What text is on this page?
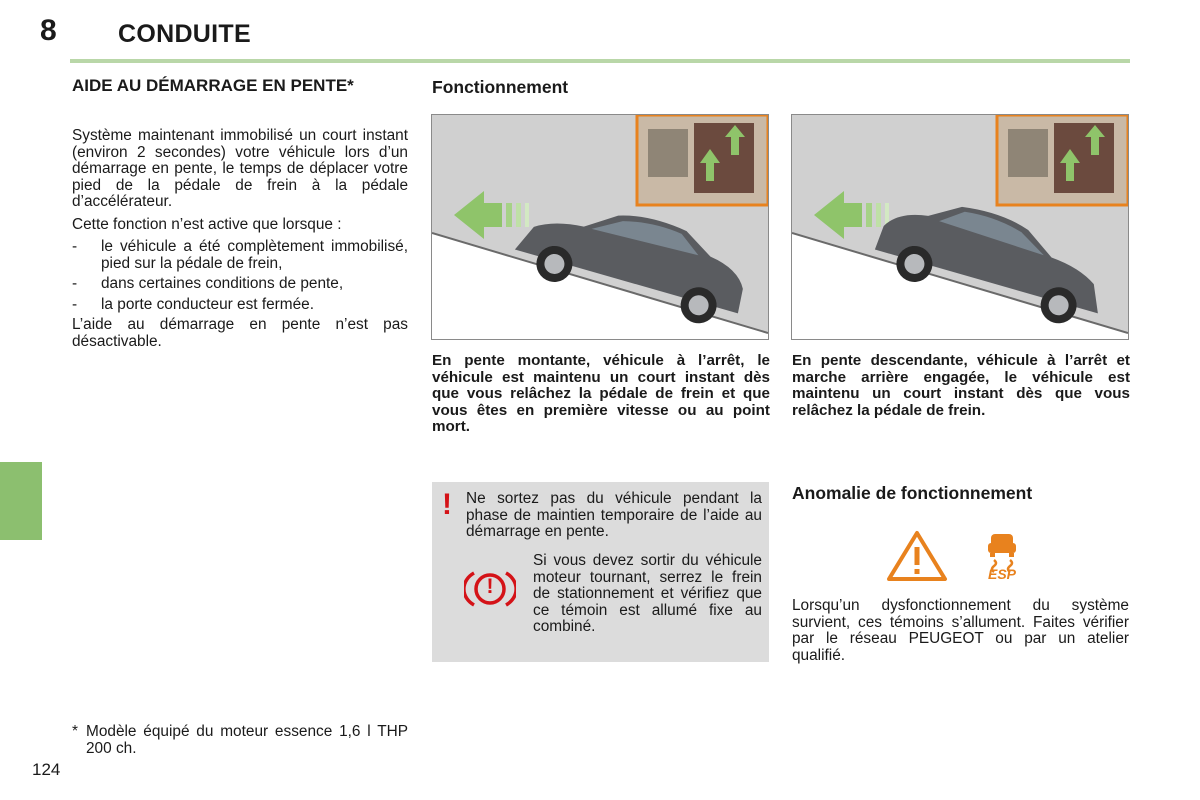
8 CONDUITE
AIDE AU DÉMARRAGE EN PENTE*

Système maintenant immobilisé un court instant (environ 2 secondes) votre véhicule lors d’un démarrage en pente, le temps de déplacer votre pied de la pédale de frein à la pédale d’accélérateur.

Cette fonction n’est active que lorsque :

-	le véhicule a été complètement immobilisé, pied sur la pédale de frein,
-	dans certaines conditions de pente,
-	la porte conducteur est fermée.

L’aide au démarrage en pente n’est pas désactivable.

* Modèle équipé du moteur essence 1,6 l THP 200 ch.
124
Fonctionnement
En pente montante, véhicule à l’arrêt, le véhicule est maintenu un court instant dès que vous relâchez la pédale de frein et que vous êtes en première vitesse ou au point mort.
En pente descendante, véhicule à l’arrêt et marche arrière engagée, le véhicule est maintenu un court instant dès que vous relâchez la pédale de frein.
! Ne sortez pas du véhicule pendant la phase de maintien temporaire de l’aide au démarrage en pente.
!
Si vous devez sortir du véhicule moteur tournant, serrez le frein de stationnement et vérifiez que ce témoin est allumé fixe au combiné.
Anomalie de fonctionnement
ESP
Lorsqu’un dysfonctionnement du système survient, ces témoins s’allument. Faites vérifier par le réseau PEUGEOT ou par un atelier qualifié.
